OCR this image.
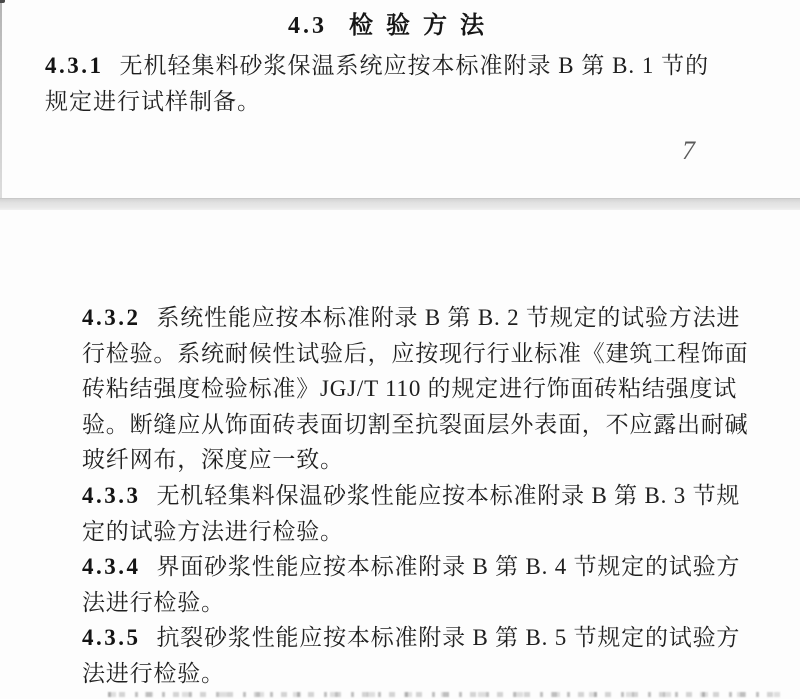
4.3 检验方法
4.3.1 无机轻集料砂浆保温系统应按本标准附录 B 第 B. 1 节的
规定进行试样制备。
7
4.3.2 系统性能应按本标准附录 B 第 B. 2 节规定的试验方法进
行检验。系统耐候性试验后，应按现行行业标准《建筑工程饰面
砖粘结强度检验标准》JGJ/T 110 的规定进行饰面砖粘结强度试
验。断缝应从饰面砖表面切割至抗裂面层外表面，不应露出耐碱
玻纤网布，深度应一致。
4.3.3 无机轻集料保温砂浆性能应按本标准附录 B 第 B. 3 节规
定的试验方法进行检验。
4.3.4 界面砂浆性能应按本标准附录 B 第 B. 4 节规定的试验方
法进行检验。
4.3.5 抗裂砂浆性能应按本标准附录 B 第 B. 5 节规定的试验方
法进行检验。
